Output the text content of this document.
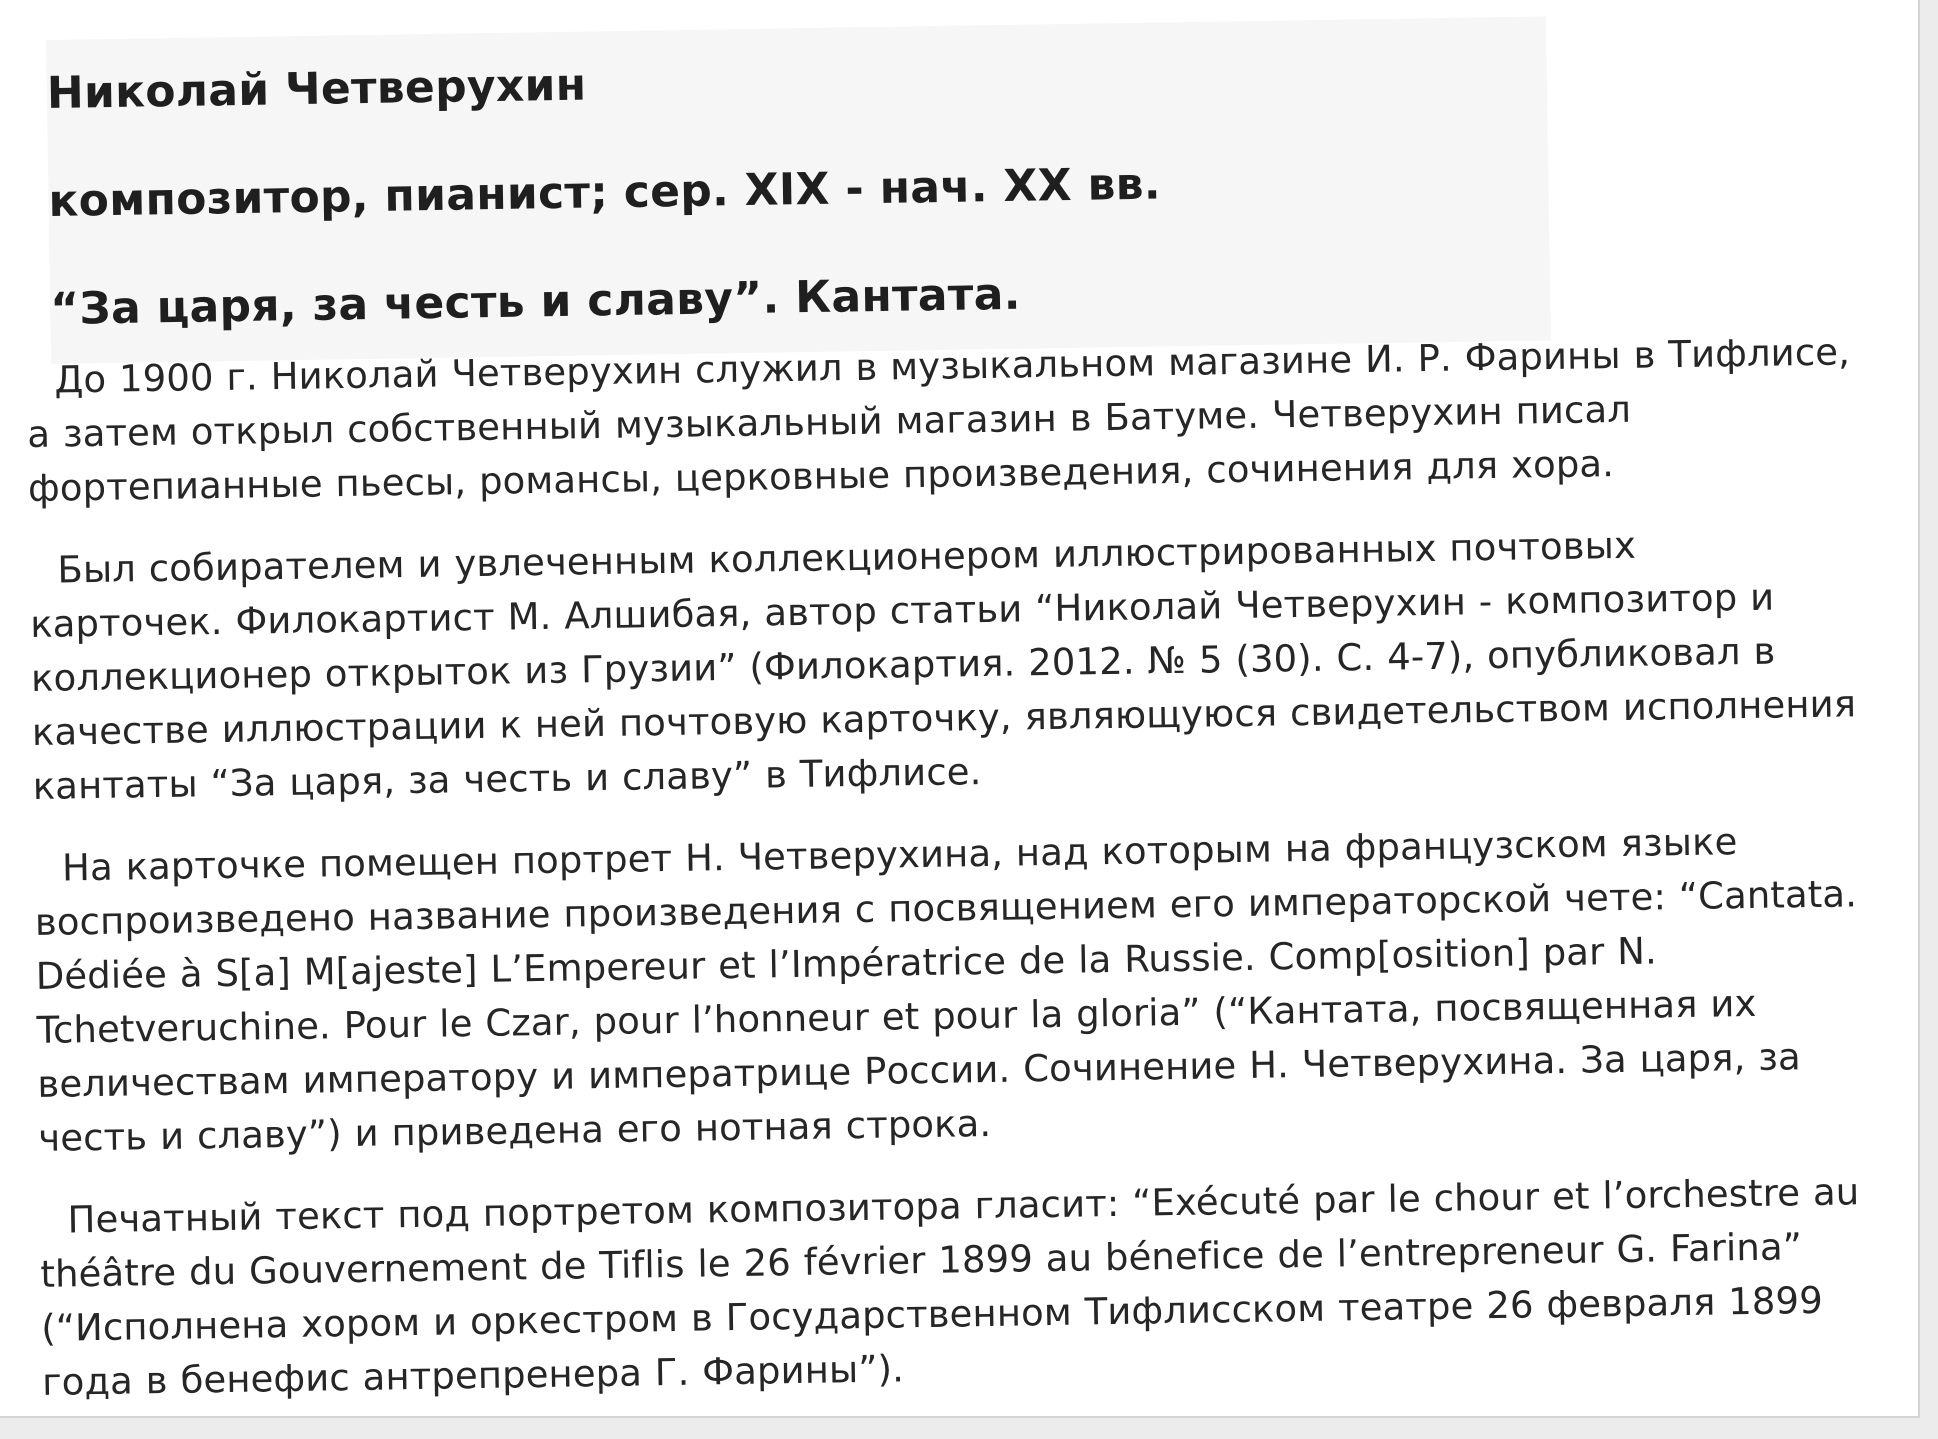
Николай Четверухин
композитор, пианист; сер. XIX - нач. XX вв.
“За царя, за честь и славу”. Кантата.
До 1900 г. Николай Четверухин служил в музыкальном магазине И. Р. Фарины в Тифлисе,
а затем открыл собственный музыкальный магазин в Батуме. Четверухин писал
фортепианные пьесы, романсы, церковные произведения, сочинения для хора.
Был собирателем и увлеченным коллекционером иллюстрированных почтовых
карточек. Филокартист М. Алшибая, автор статьи “Николай Четверухин - композитор и
коллекционер открыток из Грузии” (Филокартия. 2012. № 5 (30). С. 4-7), опубликовал в
качестве иллюстрации к ней почтовую карточку, являющуюся свидетельством исполнения
кантаты “За царя, за честь и славу” в Тифлисе.
На карточке помещен портрет Н. Четверухина, над которым на французском языке
воспроизведено название произведения с посвящением его императорской чете: “Cantata.
Dédiée à S[a] M[ajeste] L’Empereur et l’Impératrice de la Russie. Comp[osition] par N.
Tchetveruchine. Pour le Czar, pour l’honneur et pour la gloria” (“Кантата, посвященная их
величествам императору и императрице России. Сочинение Н. Четверухина. За царя, за
честь и славу”) и приведена его нотная строка.
Печатный текст под портретом композитора гласит: “Exécuté par le chour et l’orchestre au
théâtre du Gouvernement de Tiflis le 26 février 1899 au bénefice de l’entrepreneur G. Farina”
(“Исполнена хором и оркестром в Государственном Тифлисском театре 26 февраля 1899
года в бенефис антрепренера Г. Фарины”).
